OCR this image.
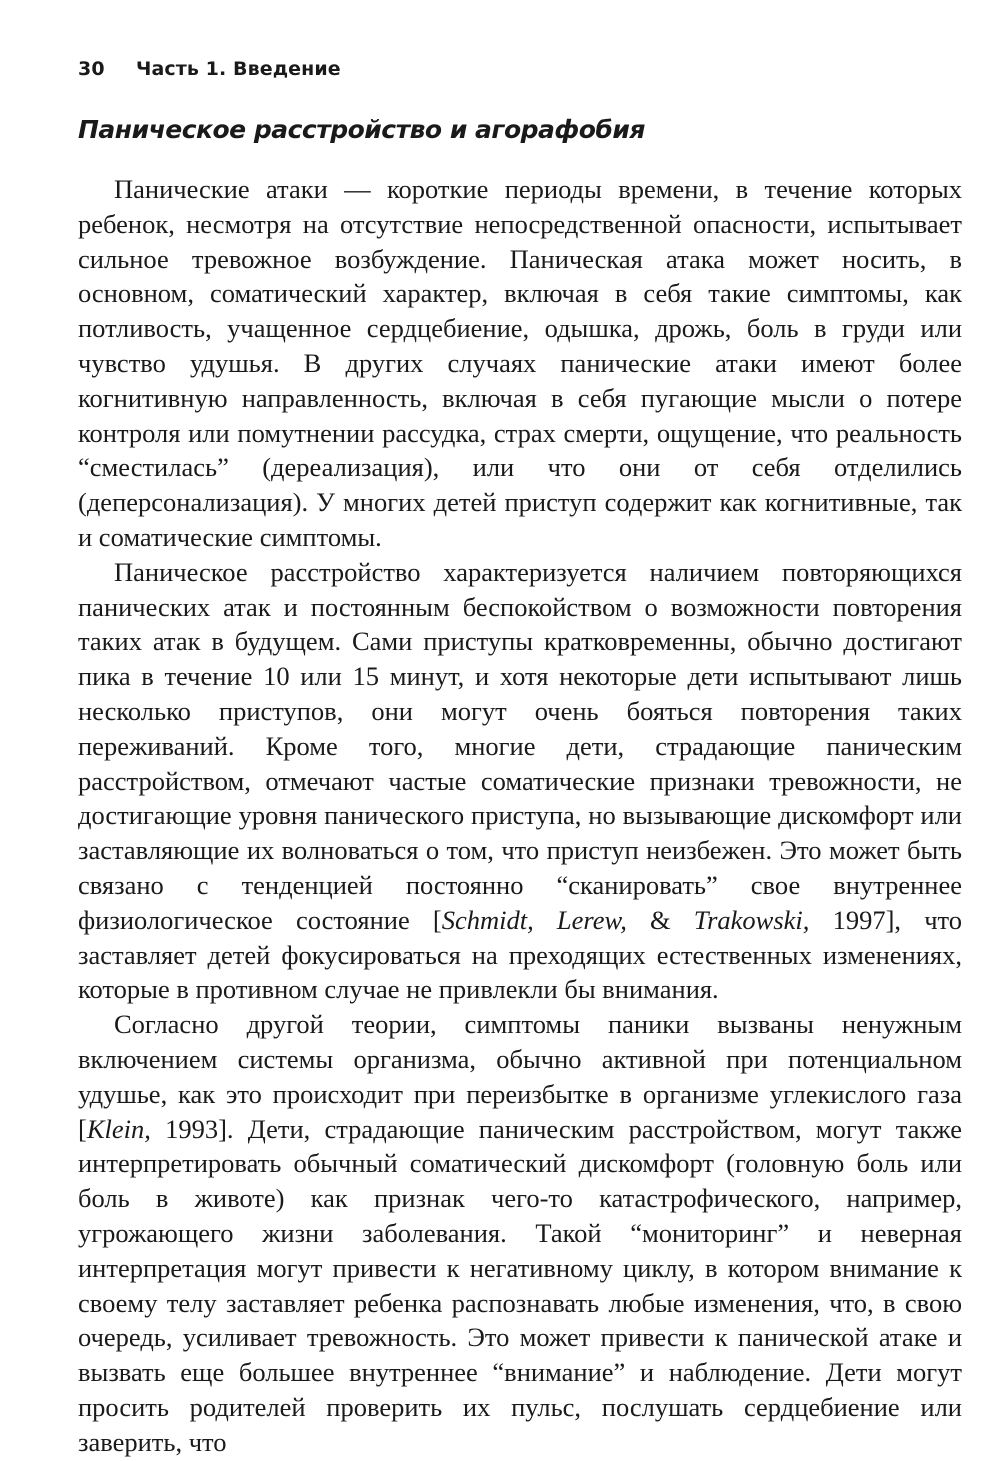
30 Часть 1. Введение
Паническое расстройство и агорафобия

Панические атаки — короткие периоды времени, в течение которых ребенок, несмотря на отсутствие непосредственной опасности, испытывает сильное тревожное возбуждение. Паническая атака может носить, в основном, соматический характер, включая в себя такие симптомы, как потливость, учащенное сердцебиение, одышка, дрожь, боль в груди или чувство удушья. В других случаях панические атаки имеют более когнитивную направленность, включая в себя пугающие мысли о потере контроля или помутнении рассудка, страх смерти, ощущение, что реальность “сместилась” (дереализация), или что они от себя отделились (деперсонализация). У многих детей приступ содержит как когнитивные, так и соматические симптомы.

Паническое расстройство характеризуется наличием повторяющихся панических атак и постоянным беспокойством о возможности повторения таких атак в будущем. Сами приступы кратковременны, обычно достигают пика в течение 10 или 15 минут, и хотя некоторые дети испытывают лишь несколько приступов, они могут очень бояться повторения таких переживаний. Кроме того, многие дети, страдающие паническим расстройством, отмечают частые соматические признаки тревожности, не достигающие уровня панического приступа, но вызывающие дискомфорт или заставляющие их волноваться о том, что приступ неизбежен. Это может быть связано с тенденцией постоянно “сканировать” свое внутреннее физиологическое состояние [Schmidt, Lerew, & Trakowski, 1997], что заставляет детей фокусироваться на преходящих естественных изменениях, которые в противном случае не привлекли бы внимания.

Согласно другой теории, симптомы паники вызваны ненужным включением системы организма, обычно активной при потенциальном удушье, как это происходит при переизбытке в организме углекислого газа [Klein, 1993]. Дети, страдающие паническим расстройством, могут также интерпретировать обычный соматический дискомфорт (головную боль или боль в животе) как признак чего-то катастрофического, например, угрожающего жизни заболевания. Такой “мониторинг” и неверная интерпретация могут привести к негативному циклу, в котором внимание к своему телу заставляет ребенка распознавать любые изменения, что, в свою очередь, усиливает тревожность. Это может привести к панической атаке и вызвать еще большее внутреннее “внимание” и наблюдение. Дети могут просить родителей проверить их пульс, послушать сердцебиение или заверить, что
